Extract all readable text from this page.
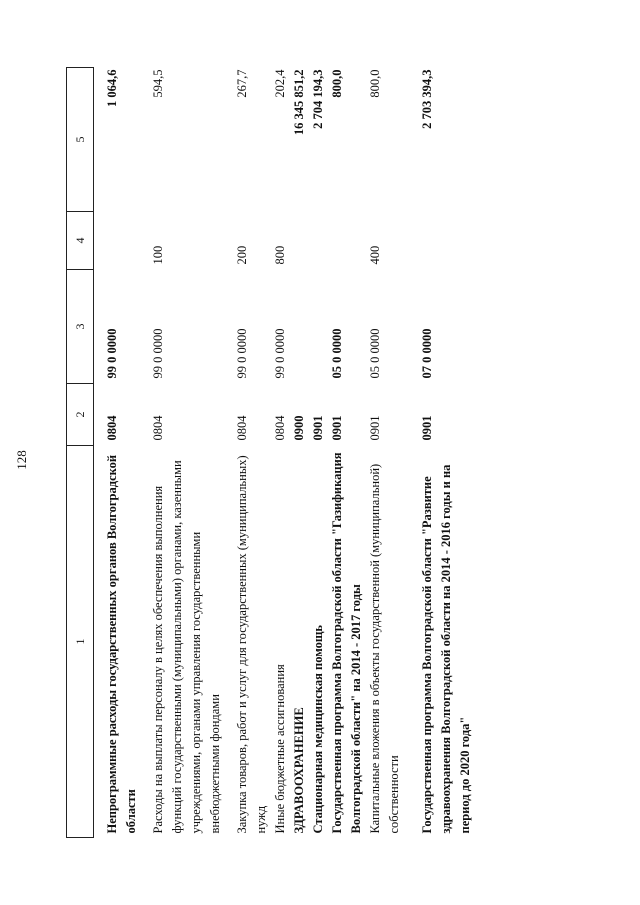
128
1	2	3	4	5
Непрограммные расходы государственных органов Волгоградской области	0804	99 0 0000		1 064,6
Расходы на выплаты персоналу в целях обеспечения выполнения функций государственными (муниципальными) органами, казенными учреждениями, органами управления государственными внебюджетными фондами	0804	99 0 0000	100	594,5
Закупка товаров, работ и услуг для государственных (муниципальных) нужд	0804	99 0 0000	200	267,7
Иные бюджетные ассигнования	0804	99 0 0000	800	202,4
ЗДРАВООХРАНЕНИЕ	0900			16 345 851,2
Стационарная медицинская помощь	0901			2 704 194,3
Государственная программа Волгоградской области "Газификация Волгоградской области" на 2014 - 2017 годы	0901	05 0 0000		800,0
Капитальные вложения в объекты государственной (муниципальной) собственности	0901	05 0 0000	400	800,0
Государственная программа Волгоградской области "Развитие здравоохранения Волгоградской области на 2014 - 2016 годы и на период до 2020 года"	0901	07 0 0000		2 703 394,3
